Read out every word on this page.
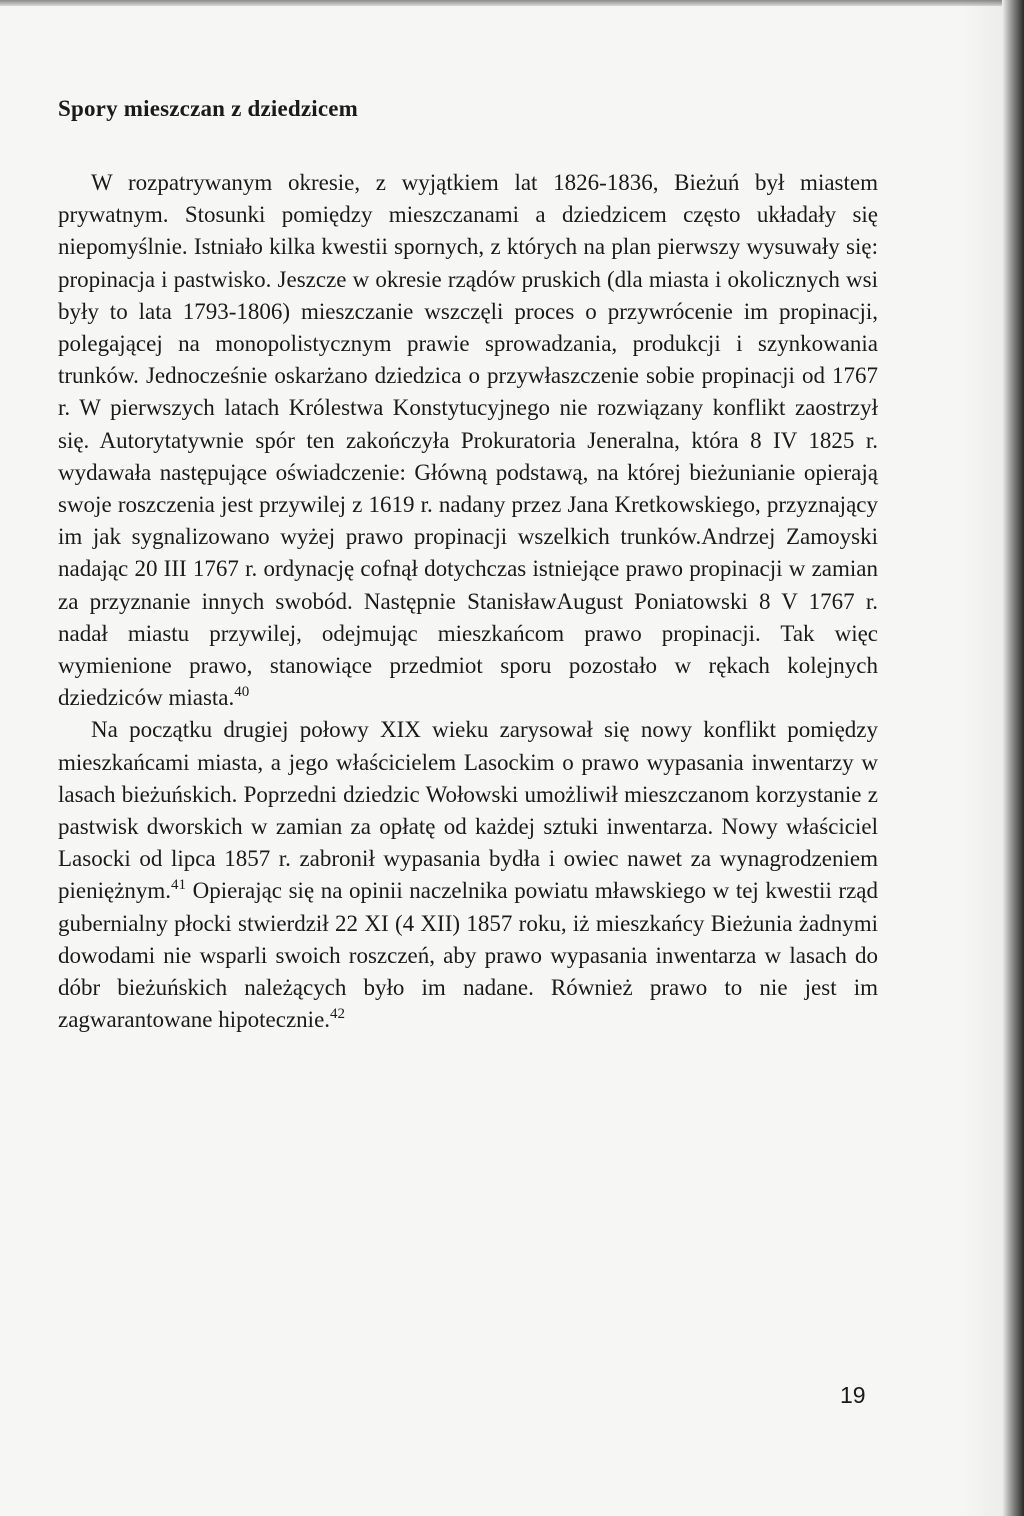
Spory mieszczan z dziedzicem

W rozpatrywanym okresie, z wyjątkiem lat 1826-1836, Bieżuń był miastem prywatnym. Stosunki pomiędzy mieszczanami a dziedzicem często układały się niepomyślnie. Istniało kilka kwestii spornych, z których na plan pierwszy wysuwały się: propinacja i pastwisko. Jeszcze w okresie rządów pruskich (dla miasta i okolicznych wsi były to lata 1793-1806) mieszczanie wszczęli proces o przywrócenie im propinacji, polegającej na monopolistycznym prawie sprowadzania, produkcji i szynkowania trunków. Jednocześnie oskarżano dziedzica o przywłaszczenie sobie propinacji od 1767 r. W pierwszych latach Królestwa Konstytucyjnego nie rozwiązany konflikt zaostrzył się. Autorytatywnie spór ten zakończyła Prokuratoria Jeneralna, która 8 IV 1825 r. wydawała następujące oświadczenie: Główną podstawą, na której bieżunianie opierają swoje roszczenia jest przywilej z 1619 r. nadany przez Jana Kretkowskiego, przyznający im jak sygnalizowano wyżej prawo propinacji wszelkich trunków.Andrzej Zamoyski nadając 20 III 1767 r. ordynację cofnął dotychczas istniejące prawo propinacji w zamian za przyznanie innych swobód. Następnie StanisławAugust Poniatowski 8 V 1767 r. nadał miastu przywilej, odejmując mieszkańcom prawo propinacji. Tak więc wymienione prawo, stanowiące przedmiot sporu pozostało w rękach kolejnych dziedziców miasta.$^{40}$

Na początku drugiej połowy XIX wieku zarysował się nowy konflikt pomiędzy mieszkańcami miasta, a jego właścicielem Lasockim o prawo wypasania inwentarzy w lasach bieżuńskich. Poprzedni dziedzic Wołowski umożliwił mieszczanom korzystanie z pastwisk dworskich w zamian za opłatę od każdej sztuki inwentarza. Nowy właściciel Lasocki od lipca 1857 r. zabronił wypasania bydła i owiec nawet za wynagrodzeniem pieniężnym.$^{41}$ Opierając się na opinii naczelnika powiatu mławskiego w tej kwestii rząd gubernialny płocki stwierdził 22 XI (4 XII) 1857 roku, iż mieszkańcy Bieżunia żadnymi dowodami nie wsparli swoich roszczeń, aby prawo wypasania inwentarza w lasach do dóbr bieżuńskich należących było im nadane. Również prawo to nie jest im zagwarantowane hipotecznie.$^{42}$

19
